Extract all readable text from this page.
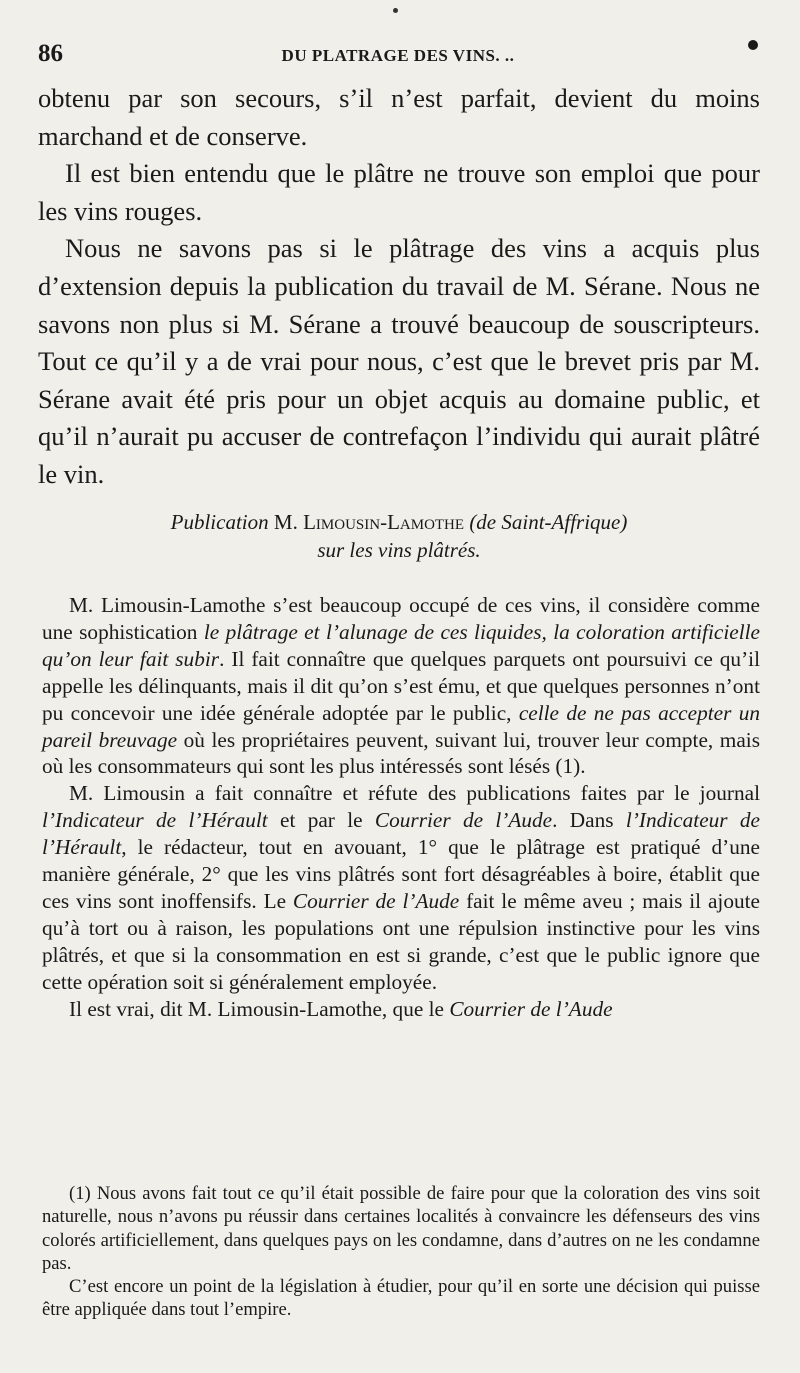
86	DU PLATRAGE DES VINS. ..

obtenu par son secours, s’il n’est parfait, devient du moins marchand et de conserve.

Il est bien entendu que le plâtre ne trouve son emploi que pour les vins rouges.

Nous ne savons pas si le plâtrage des vins a acquis plus d’extension depuis la publication du travail de M. Sérane. Nous ne savons non plus si M. Sérane a trouvé beaucoup de souscripteurs. Tout ce qu’il y a de vrai pour nous, c’est que le brevet pris par M. Sérane avait été pris pour un objet acquis au domaine public, et qu’il n’aurait pu accuser de contrefaçon l’individu qui aurait plâtré le vin.

Publication M. Limousin-Lamothe (de Saint-Affrique)
sur les vins plâtrés.

M. Limousin-Lamothe s’est beaucoup occupé de ces vins, il considère comme une sophistication le plâtrage et l’alunage de ces liquides, la coloration artificielle qu’on leur fait subir. Il fait connaître que quelques parquets ont poursuivi ce qu’il appelle les délinquants, mais il dit qu’on s’est ému, et que quelques personnes n’ont pu concevoir une idée générale adoptée par le public, celle de ne pas accepter un pareil breuvage où les propriétaires peuvent, suivant lui, trouver leur compte, mais où les consommateurs qui sont les plus intéressés sont lésés (1).

M. Limousin a fait connaître et réfute des publications faites par le journal l’Indicateur de l’Hérault et par le Courrier de l’Aude. Dans l’Indicateur de l’Hérault, le rédacteur, tout en avouant, 1° que le plâtrage est pratiqué d’une manière générale, 2° que les vins plâtrés sont fort désagréables à boire, établit que ces vins sont inoffensifs. Le Courrier de l’Aude fait le même aveu ; mais il ajoute qu’à tort ou à raison, les populations ont une répulsion instinctive pour les vins plâtrés, et que si la consommation en est si grande, c’est que le public ignore que cette opération soit si généralement employée.

Il est vrai, dit M. Limousin-Lamothe, que le Courrier de l’Aude

(1) Nous avons fait tout ce qu’il était possible de faire pour que la coloration des vins soit naturelle, nous n’avons pu réussir dans certaines localités à convaincre les défenseurs des vins colorés artificiellement, dans quelques pays on les condamne, dans d’autres on ne les condamne pas.

C’est encore un point de la législation à étudier, pour qu’il en sorte une décision qui puisse être appliquée dans tout l’empire.
